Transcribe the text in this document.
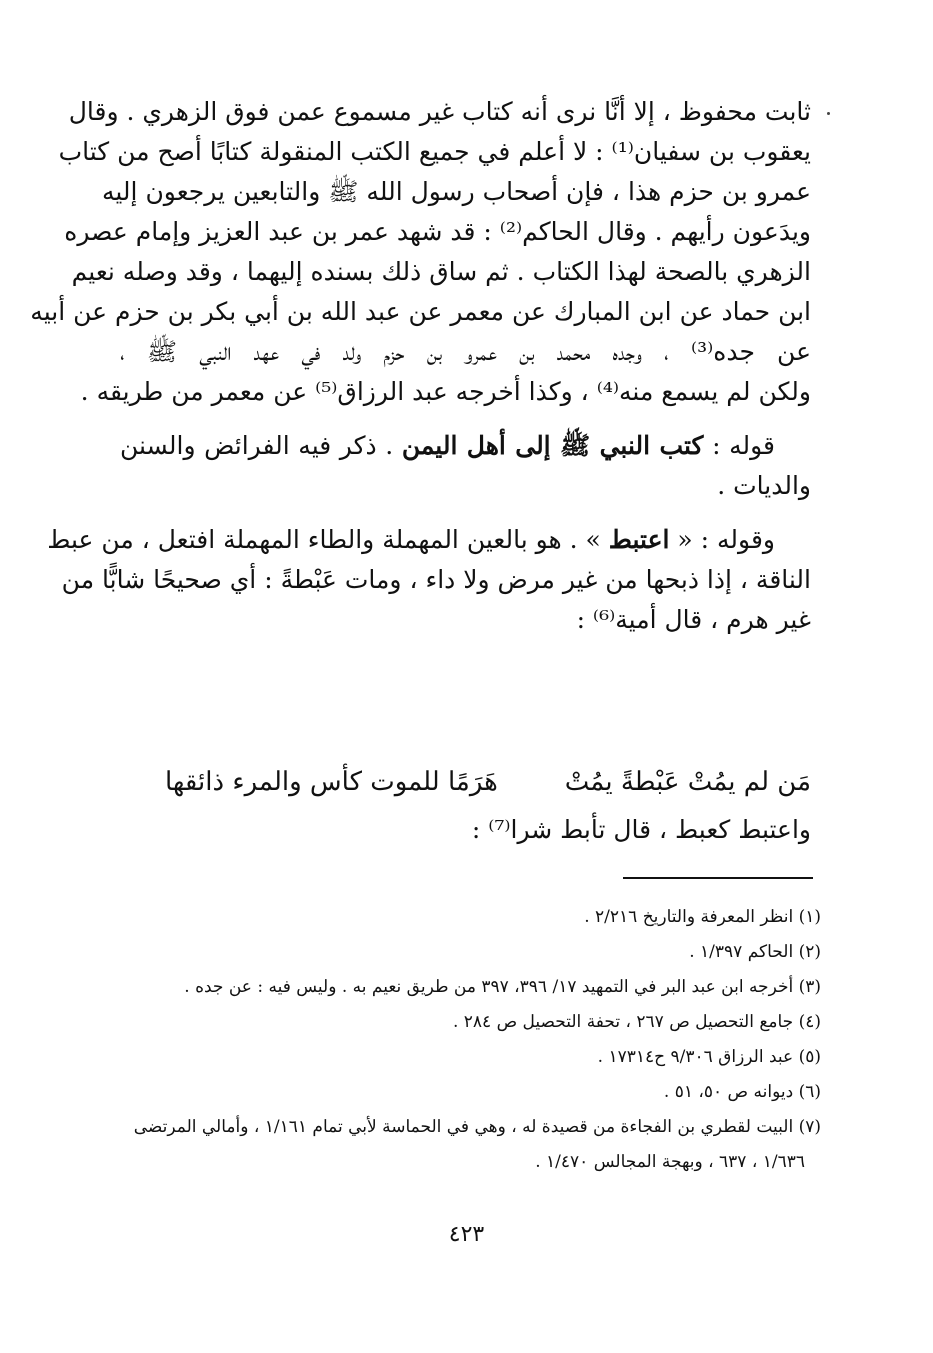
ثابت محفوظ ، إلا أنَّا نرى أنه كتاب غير مسموع عمن فوق الزهري . وقال
يعقوب بن سفيان⁽¹⁾ : لا أعلم في جميع الكتب المنقولة كتابًا أصح من كتاب
عمرو بن حزم هذا ، فإن أصحاب رسول الله ﷺ والتابعين يرجعون إليه
ويدَعون رأيهم . وقال الحاكم⁽²⁾ : قد شهد عمر بن عبد العزيز وإمام عصره
الزهري بالصحة لهذا الكتاب . ثم ساق ذلك بسنده إليهما ، وقد وصله نعيم
ابن حماد عن ابن المبارك عن معمر عن عبد الله بن أبي بكر بن حزم عن أبيه
عن جده⁽³⁾ ، وجده محمد بن عمرو بن حزم ولد في عهد النبي ﷺ ،
ولكن لم يسمع منه⁽⁴⁾ ، وكذا أخرجه عبد الرزاق⁽⁵⁾ عن معمر من طريقه .
قوله : كتب النبي ﷺ إلى أهل اليمن . ذكر فيه الفرائض والسنن
والديات .
وقوله : « اعتبط » . هو بالعين المهملة والطاء المهملة افتعل ، من عبط
الناقة ، إذا ذبحها من غير مرض ولا داء ، ومات عَبْطةً : أي صحيحًا شابًّا من
غير هرم ، قال أمية⁽⁶⁾ :
مَن لم يمُتْ عَبْطةً يمُتْ
هَرَمًا للموت كأس والمرء ذائقها
واعتبط كعبط ، قال تأبط شرا⁽⁷⁾ :
(١) انظر المعرفة والتاريخ ٢/٢١٦ .
(٢) الحاكم ١/٣٩٧ .
(٣) أخرجه ابن عبد البر في التمهيد ١٧/ ٣٩٦، ٣٩٧ من طريق نعيم به . وليس فيه : عن جده .
(٤) جامع التحصيل ص ٢٦٧ ، تحفة التحصيل ص ٢٨٤ .
(٥) عبد الرزاق ٩/٣٠٦ ح١٧٣١٤ .
(٦) ديوانه ص ٥٠، ٥١ .
(٧) البيت لقطري بن الفجاءة من قصيدة له ، وهي في الحماسة لأبي تمام ١/١٦١ ، وأمالي المرتضى
١/٦٣٦ ، ٦٣٧ ، وبهجة المجالس ١/٤٧٠ .
٤٢٣
